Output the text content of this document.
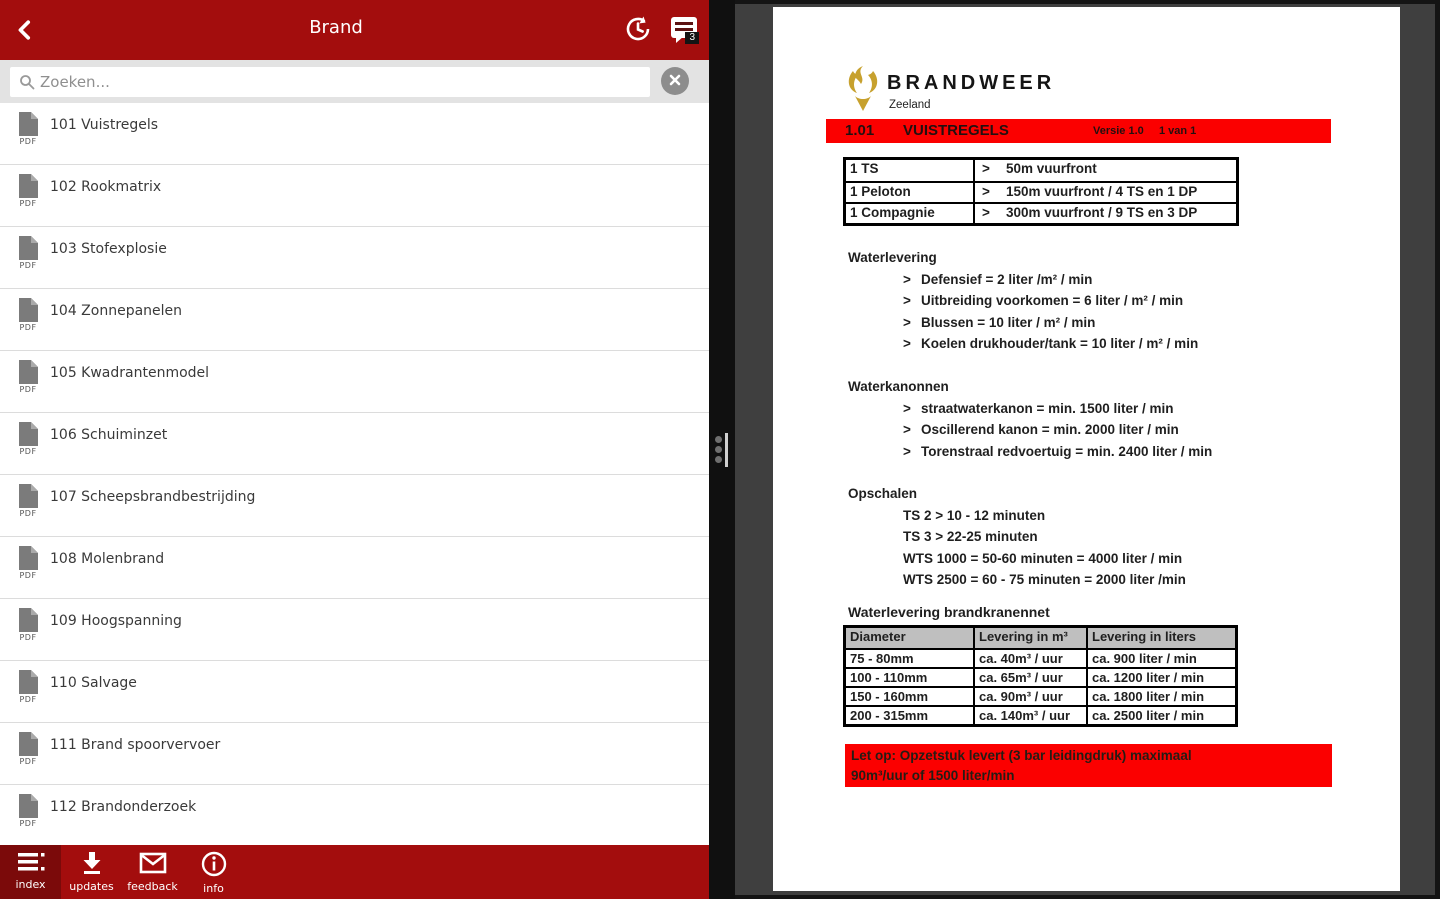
Brand	3
Zoeken...
PDF
101 Vuistregels
PDF
102 Rookmatrix
PDF
103 Stofexplosie
PDF
104 Zonnepanelen
PDF
105 Kwadrantenmodel
PDF
106 Schuiminzet
PDF
107 Scheepsbrandbestrijding
PDF
108 Molenbrand
PDF
109 Hoogspanning
PDF
110 Salvage
PDF
111 Brand spoorvervoer
PDF
112 Brandonderzoek
index updates feedback info
BRANDWEER
Zeeland
1.01 VUISTREGELS	Versie 1.0 1 van 1
1 TS	> 50m vuurfront
1 Peloton	> 150m vuurfront / 4 TS en 1 DP
1 Compagnie	> 300m vuurfront / 9 TS en 3 DP
Waterlevering
> Defensief = 2 liter /m² / min
> Uitbreiding voorkomen = 6 liter / m² / min
> Blussen = 10 liter / m² / min
> Koelen drukhouder/tank = 10 liter / m² / min
Waterkanonnen
> straatwaterkanon = min. 1500 liter / min
> Oscillerend kanon = min. 2000 liter / min
> Torenstraal redvoertuig = min. 2400 liter / min
Opschalen
TS 2 > 10 - 12 minuten
TS 3 > 22-25 minuten
WTS 1000 = 50-60 minuten = 4000 liter / min
WTS 2500 = 60 - 75 minuten = 2000 liter /min
Waterlevering brandkranennet
Diameter	Levering in m³	Levering in liters
75 - 80mm	ca. 40m³ / uur	ca. 900 liter / min
100 - 110mm	ca. 65m³ / uur	ca. 1200 liter / min
150 - 160mm	ca. 90m³ / uur	ca. 1800 liter / min
200 - 315mm	ca. 140m³ / uur	ca. 2500 liter / min
Let op: Opzetstuk levert (3 bar leidingdruk) maximaal
90m³/uur of 1500 liter/min
